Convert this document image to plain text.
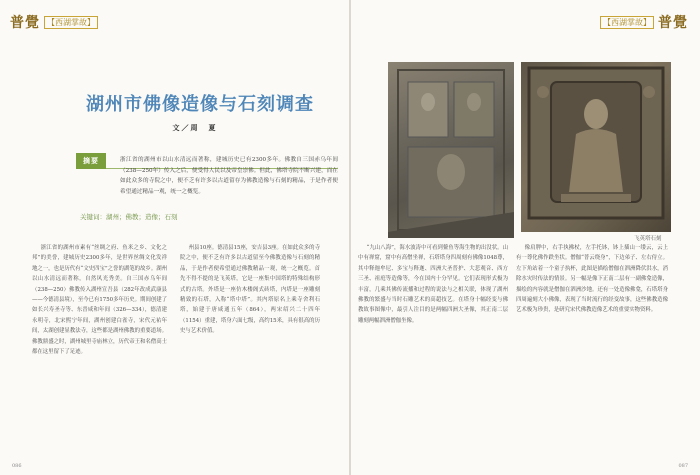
普覺 【西湖掌故】	普覺
【西湖掌故】
湖州市佛像造像与石刻调查
文／周　夏
摘要	浙江省的湖州市以山水清远而著称，建城历史已有2300多年。佛教自三国赤乌年间（238—250年）传入之后，便受得人民以及帝皇崇佛。但此，佛塔寺院不断兴建，而在如此众多的寺院之中，便不乏有许多以古道留存为佛教造像与石刻的精品，于是作者便希望通过精品一观，统一之概览。
关键词：湖州；佛教；造像；石刻
浙江省的湖州市素有“丝绸之府、鱼米之乡、文化之邦”的美誉，建城历史2300多年，是世界丝绸文化发祥地之一，也是历代有“文史四宝”之誉的湖笔的故乡。湖州以山水清远而著称，自然风光秀美。自三国赤乌年间（238—250）佛教传入湖州宣吾县（282年改成武康县——今德清县境），至今已有1750多年历史。期间创建了如长兴寿圣寺等、东晋咸和年间（326—334），德清建永明寺，北宋熙宁年间，湖州创建白雀寺，宋代元祐年间，太湖创建显教法寺，这些都是湖州佛教的重要道场。佛教鼎盛之时，湖州城里寺庙林立，历代帝王和名僧高士都在这里留下了足迹。
州县10座。德清县15座，安吉县3座。在如此众多的寺院之中，便不乏有许多以古道留至今佛教造像与石刻的精品，于是作者便希望通过佛教精品一观，统一之概览。首先不得不提的是飞英塔，它是一座集中国塔的特殊结构形式的古塔。外塔是一座仿木楼阁式砖塔，内塔是一座雕刻精致的石塔，入称“塔中塔”。其内塔原名上乘寺舍利石塔，始建于唐咸通五年（864），两宋绍兴二十四年（1154）重建，塔身六面七级，高约15米，具有很高的历史与艺术价值。
“九山八海”，海水波涛中可看到鳌鱼等海生物的出没状。山中有禅窟，窟中有高僧坐禅，石塔塔身四周刻有佛像1048尊，其中释迦牟尼、多宝与释迦、四洲大圣普护、大悲观音、西方三圣、祖庭等造像等，今在国内十分罕见。它们表现形式极为丰富，几乘其佛传流播和过程的说法与之相关联，体现了湖州佛教的繁盛与当时石雕艺术的高超技艺。在塔身十幅经变与佛教故事图像中，最引人注目的是两幅四洲大圣像，其正南二层雕刻两幅泗洲僧伽坐像。
像肩胛中，右手执拂杖，左手托钵，钵上插山一缕云，云上有一尊化佛作跌坐状。僧伽“普云绕身”，下边弟子、左右侍立。左下角站着一个童子执杯，此图是描绘僧伽在泗洲降伏洪水，消除水灾时传法的情景。另一幅是像下正南二层有一副佛龛造像，描绘的内容就是僧伽在泗洲沙地。还有一处造像佛龛，石塔塔身四周遍刻大小佛像，表现了当时流行的经变故事，这些佛教造像艺术极为珍贵，是研究宋代佛教造像艺术的重要实物资料。
飞英塔石刻
086	087
